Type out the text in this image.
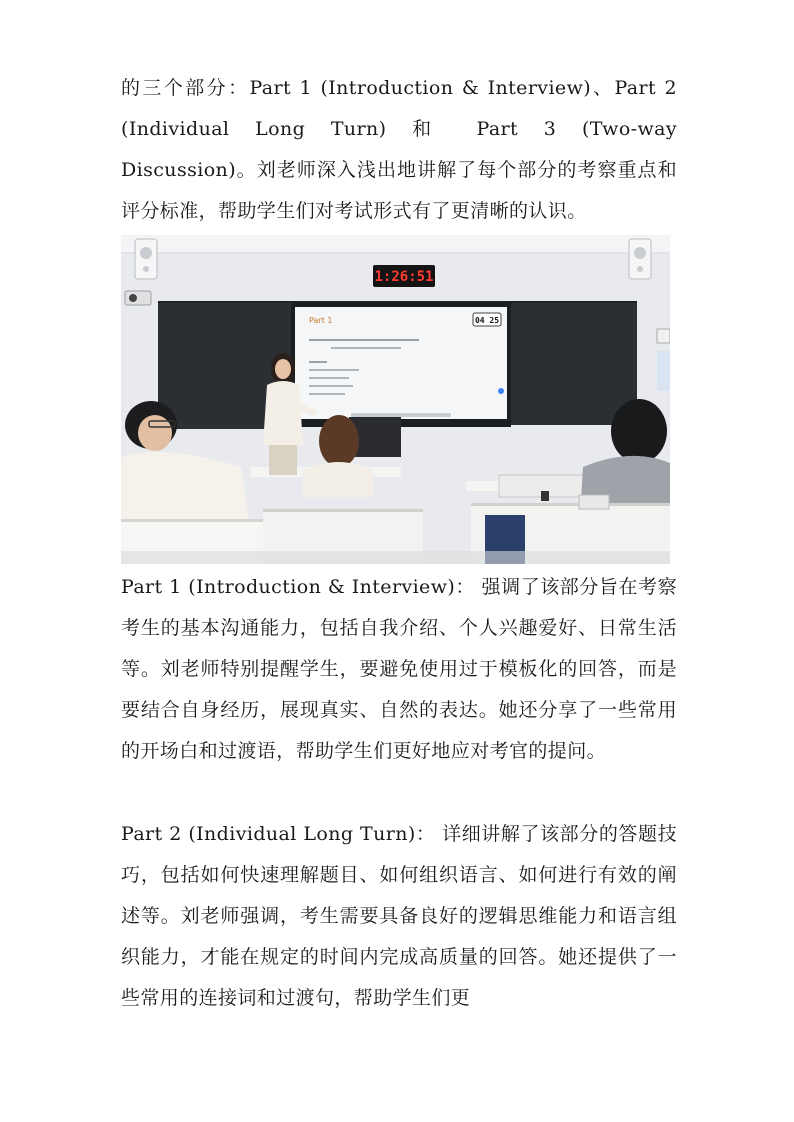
的三个部分：Part 1 (Introduction & Interview)、Part 2 (Individual Long Turn) 和 Part 3 (Two-way Discussion)。刘老师深入浅出地讲解了每个部分的考察重点和评分标准，帮助学生们对考试形式有了更清晰的认识。

1:26:51
Part 1	04 25

Part 1 (Introduction & Interview)： 强调了该部分旨在考察考生的基本沟通能力，包括自我介绍、个人兴趣爱好、日常生活等。刘老师特别提醒学生，要避免使用过于模板化的回答，而是要结合自身经历，展现真实、自然的表达。她还分享了一些常用的开场白和过渡语，帮助学生们更好地应对考官的提问。

Part 2 (Individual Long Turn)： 详细讲解了该部分的答题技巧，包括如何快速理解题目、如何组织语言、如何进行有效的阐述等。刘老师强调，考生需要具备良好的逻辑思维能力和语言组织能力，才能在规定的时间内完成高质量的回答。她还提供了一些常用的连接词和过渡句，帮助学生们更
